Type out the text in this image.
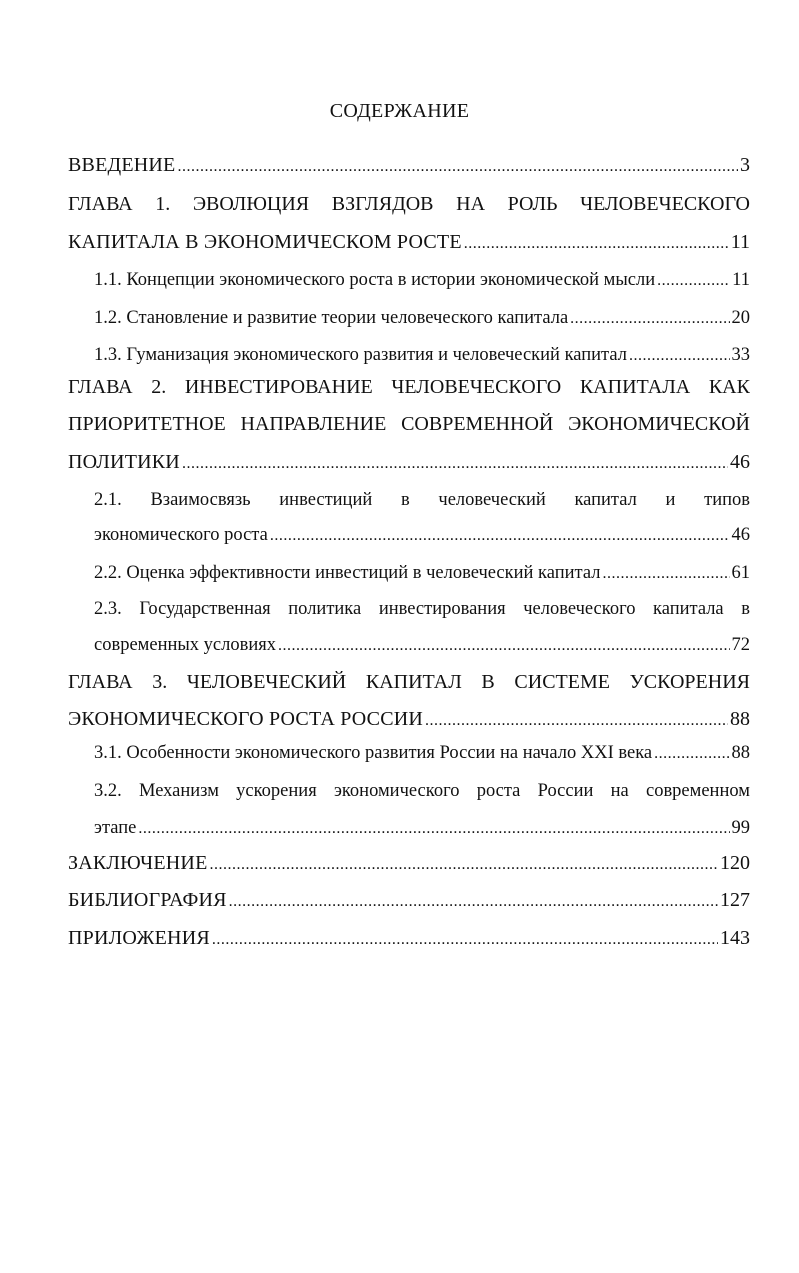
СОДЕРЖАНИЕ
ВВЕДЕНИЕ .....	3
ГЛАВА 1. ЭВОЛЮЦИЯ ВЗГЛЯДОВ НА РОЛЬ ЧЕЛОВЕЧЕСКОГО
КАПИТАЛА В ЭКОНОМИЧЕСКОМ РОСТЕ .....	11
1.1. Концепции экономического роста в истории экономической мысли .....	11
1.2. Становление и развитие теории человеческого капитала .....	20
1.3. Гуманизация экономического развития и человеческий капитал .....	33
ГЛАВА 2. ИНВЕСТИРОВАНИЕ ЧЕЛОВЕЧЕСКОГО КАПИТАЛА КАК
ПРИОРИТЕТНОЕ НАПРАВЛЕНИЕ СОВРЕМЕННОЙ ЭКОНОМИЧЕСКОЙ
ПОЛИТИКИ .....	46
2.1. Взаимосвязь инвестиций в человеческий капитал и типов
экономического роста .....	46
2.2. Оценка эффективности инвестиций в человеческий капитал .....	61
2.3. Государственная политика инвестирования человеческого капитала в
современных условиях .....	72
ГЛАВА 3. ЧЕЛОВЕЧЕСКИЙ КАПИТАЛ В СИСТЕМЕ УСКОРЕНИЯ
ЭКОНОМИЧЕСКОГО РОСТА РОССИИ .....	88
3.1. Особенности экономического развития России на начало XXI века .....	88
3.2. Механизм ускорения экономического роста России на современном
этапе .....	99
ЗАКЛЮЧЕНИЕ .....	120
БИБЛИОГРАФИЯ .....	127
ПРИЛОЖЕНИЯ .....	143
